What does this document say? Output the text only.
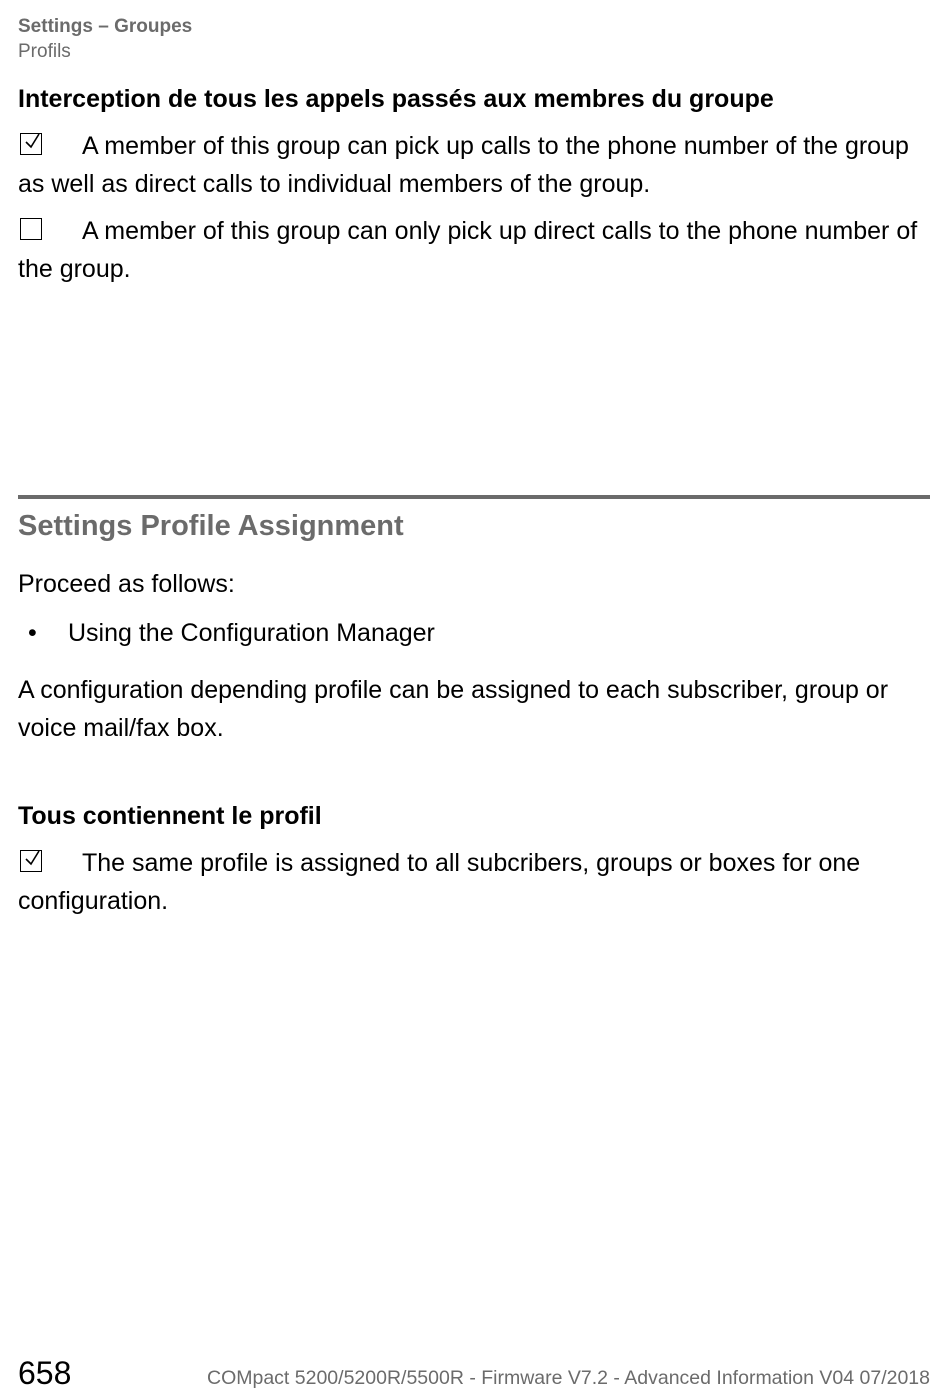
Settings – Groupes
Profils

Interception de tous les appels passés aux membres du groupe

A member of this group can pick up calls to the phone number of the group as well as direct calls to individual members of the group.

A member of this group can only pick up direct calls to the phone number of the group.

Settings Profile Assignment

Proceed as follows:

• Using the Configuration Manager

A configuration depending profile can be assigned to each subscriber, group or voice mail/fax box.

Tous contiennent le profil

The same profile is assigned to all subcribers, groups or boxes for one configuration.

658	COMpact 5200/5200R/5500R - Firmware V7.2 - Advanced Information V04 07/2018
